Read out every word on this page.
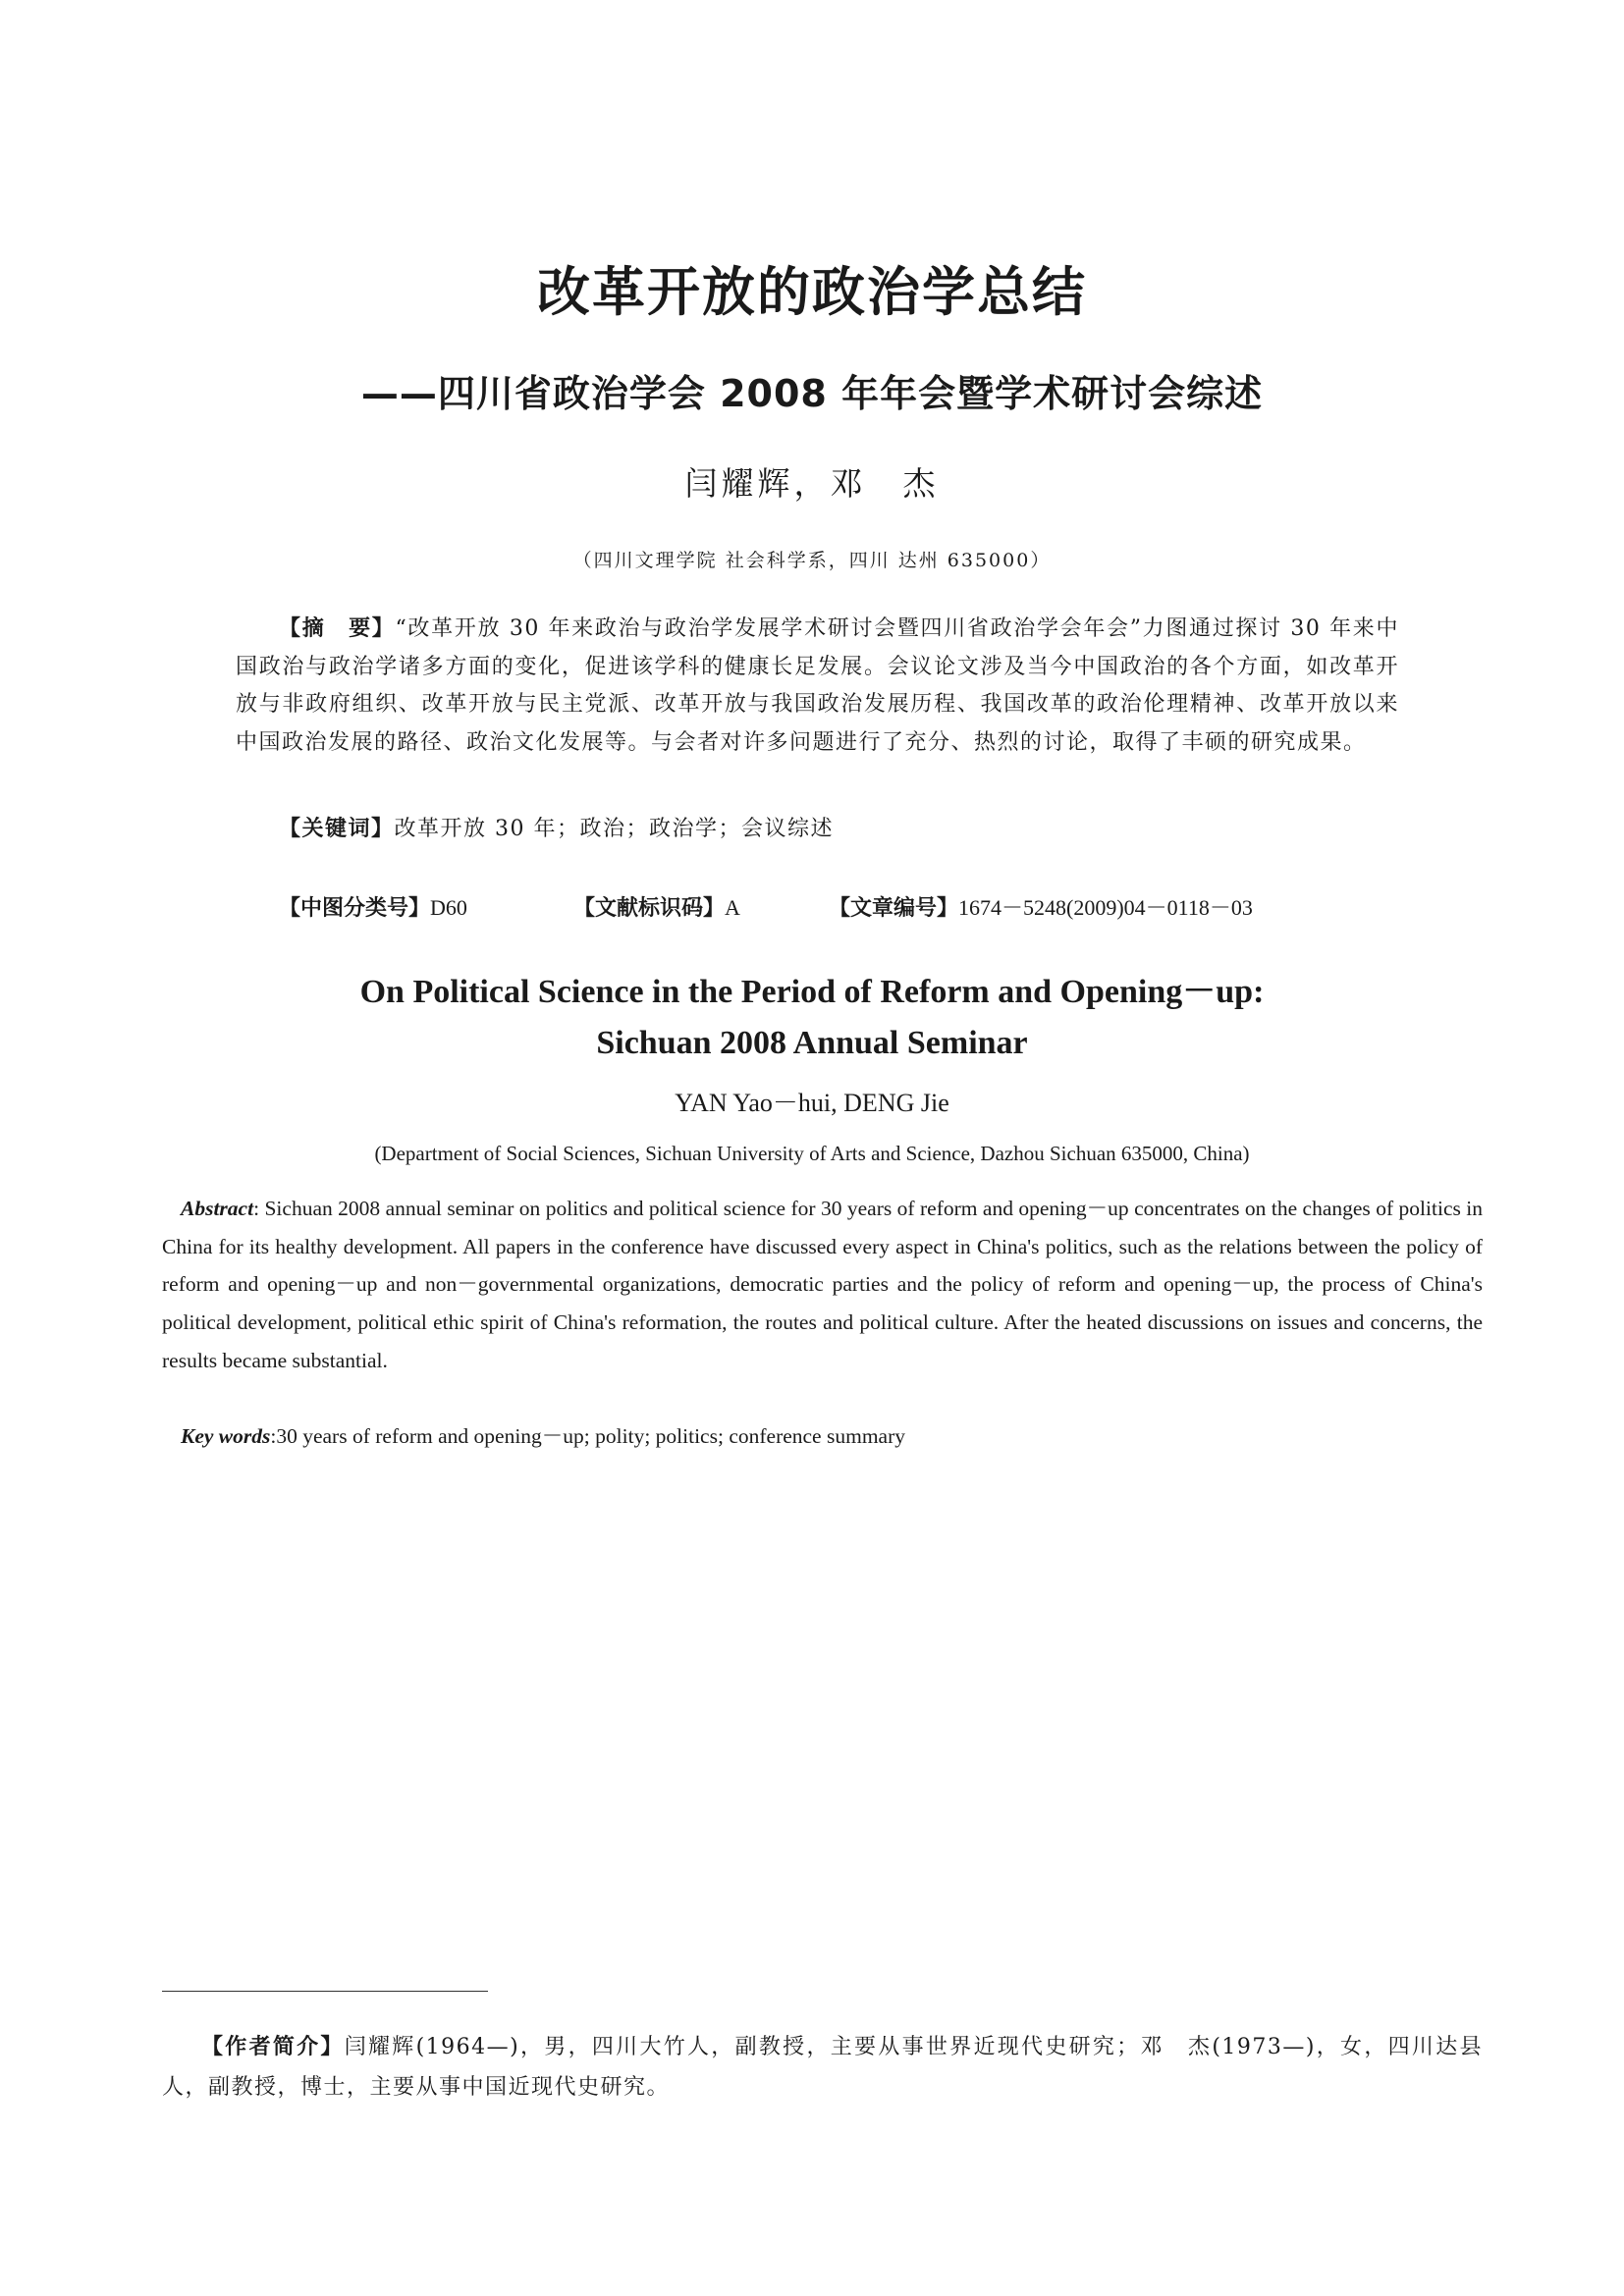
改革开放的政治学总结
——四川省政治学会 2008 年年会暨学术研讨会综述
闫耀辉，邓　杰
（四川文理学院 社会科学系，四川 达州 635000）
【摘　要】“改革开放 30 年来政治与政治学发展学术研讨会暨四川省政治学会年会”力图通过探讨 30 年来中国政治与政治学诸多方面的变化，促进该学科的健康长足发展。会议论文涉及当今中国政治的各个方面，如改革开放与非政府组织、改革开放与民主党派、改革开放与我国政治发展历程、我国改革的政治伦理精神、改革开放以来中国政治发展的路径、政治文化发展等。与会者对许多问题进行了充分、热烈的讨论，取得了丰硕的研究成果。
【关键词】改革开放 30 年；政治；政治学；会议综述
【中图分类号】D60	【文献标识码】A	【文章编号】1674－5248(2009)04－0118－03
On Political Science in the Period of Reform and Opening－up:
Sichuan 2008 Annual Seminar
YAN Yao－hui, DENG Jie
(Department of Social Sciences, Sichuan University of Arts and Science, Dazhou Sichuan 635000, China)
Abstract: Sichuan 2008 annual seminar on politics and political science for 30 years of reform and opening－up concentrates on the changes of politics in China for its healthy development. All papers in the conference have discussed every aspect in China's politics, such as the relations between the policy of reform and opening－up and non－governmental organizations, democratic parties and the policy of reform and opening－up, the process of China's political development, political ethic spirit of China's reformation, the routes and political culture. After the heated discussions on issues and concerns, the results became substantial.
Key words:30 years of reform and opening－up; polity; politics; conference summary
【作者简介】闫耀辉(1964—)，男，四川大竹人，副教授，主要从事世界近现代史研究；邓　杰(1973—)，女，四川达县人，副教授，博士，主要从事中国近现代史研究。
